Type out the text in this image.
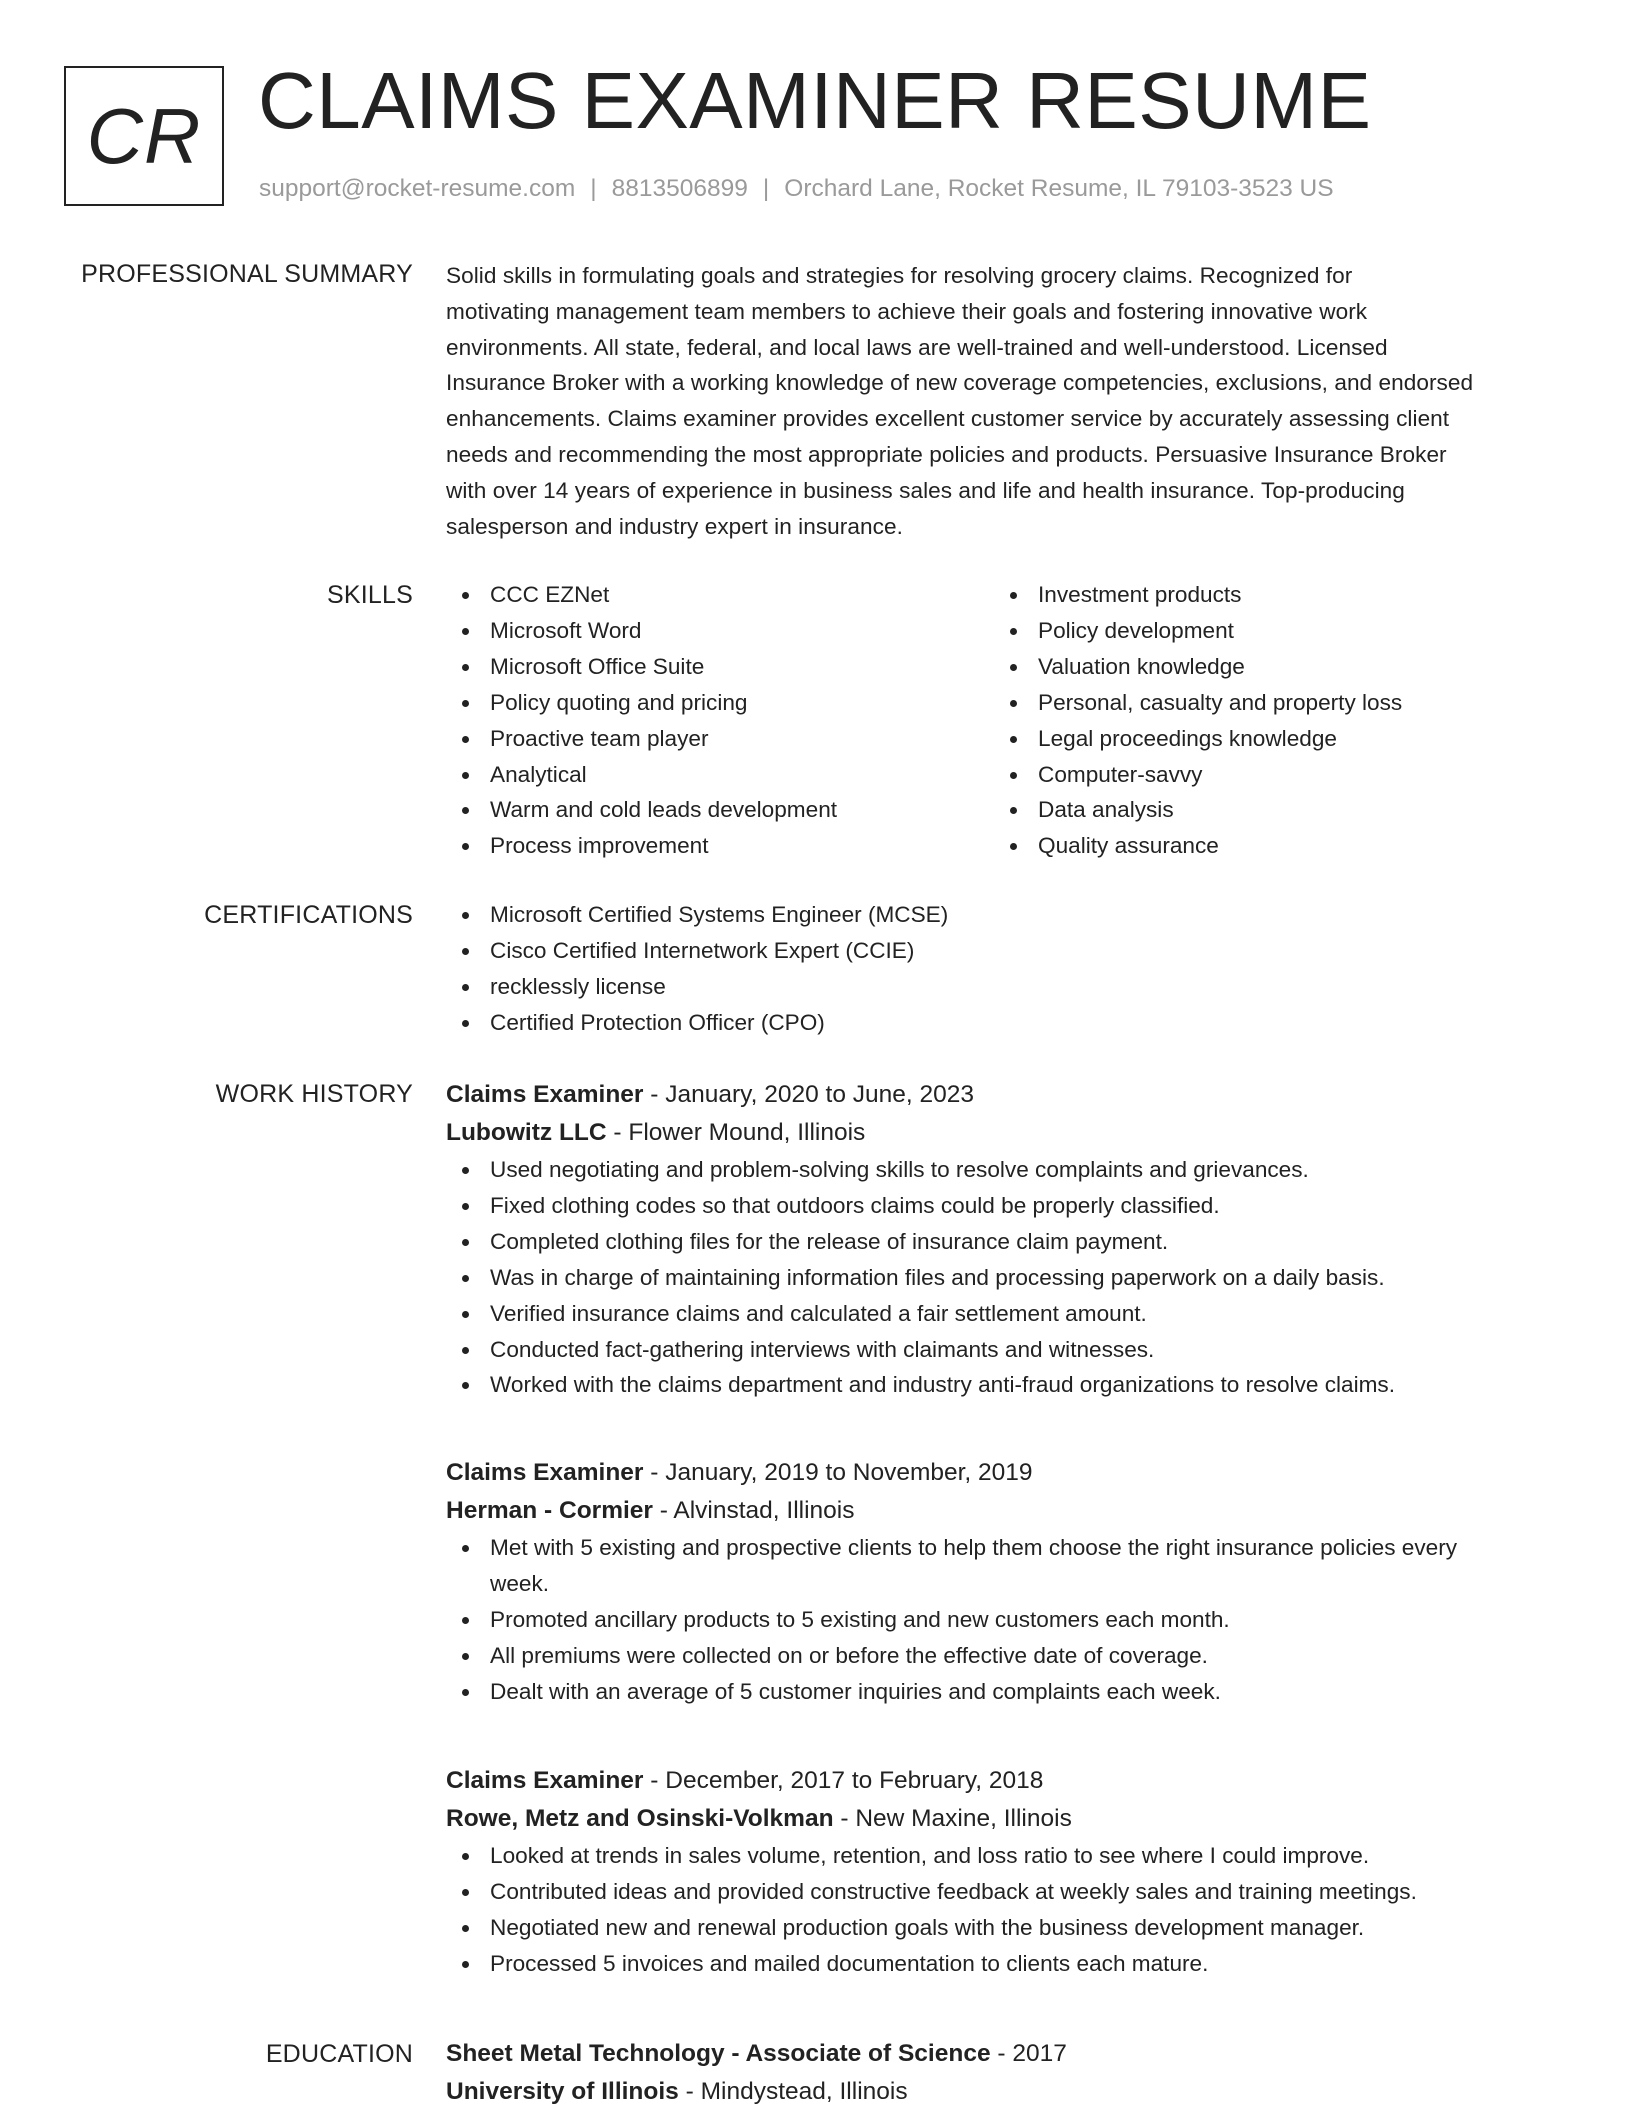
CR CLAIMS EXAMINER RESUME
support@rocket-resume.com | 8813506899 | Orchard Lane, Rocket Resume, IL 79103-3523 US
PROFESSIONAL SUMMARY Solid skills in formulating goals and strategies for resolving grocery claims. Recognized for
motivating management team members to achieve their goals and fostering innovative work
environments. All state, federal, and local laws are well-trained and well-understood. Licensed
Insurance Broker with a working knowledge of new coverage competencies, exclusions, and endorsed
enhancements. Claims examiner provides excellent customer service by accurately assessing client
needs and recommending the most appropriate policies and products. Persuasive Insurance Broker
with over 14 years of experience in business sales and life and health insurance. Top-producing
salesperson and industry expert in insurance.

SKILLS	CCC EZNet
Microsoft Word
Microsoft Office Suite
Policy quoting and pricing
Proactive team player
Analytical
Warm and cold leads development
Process improvement
Investment products
Policy development
Valuation knowledge
Personal, casualty and property loss
Legal proceedings knowledge
Computer-savvy
Data analysis
Quality assurance
CERTIFICATIONS	Microsoft Certified Systems Engineer (MCSE)
Cisco Certified Internetwork Expert (CCIE)
recklessly license
Certified Protection Officer (CPO)
WORK HISTORY Claims Examiner - January, 2020 to June, 2023
Lubowitz LLC - Flower Mound, Illinois
Used negotiating and problem-solving skills to resolve complaints and grievances.
Fixed clothing codes so that outdoors claims could be properly classified.
Completed clothing files for the release of insurance claim payment.
Was in charge of maintaining information files and processing paperwork on a daily basis.
Verified insurance claims and calculated a fair settlement amount.
Conducted fact-gathering interviews with claimants and witnesses.
Worked with the claims department and industry anti-fraud organizations to resolve claims.
Claims Examiner - January, 2019 to November, 2019
Herman - Cormier - Alvinstad, Illinois
Met with 5 existing and prospective clients to help them choose the right insurance policies every
week.
Promoted ancillary products to 5 existing and new customers each month.
All premiums were collected on or before the effective date of coverage.
Dealt with an average of 5 customer inquiries and complaints each week.
Claims Examiner - December, 2017 to February, 2018
Rowe, Metz and Osinski-Volkman - New Maxine, Illinois
Looked at trends in sales volume, retention, and loss ratio to see where I could improve.
Contributed ideas and provided constructive feedback at weekly sales and training meetings.
Negotiated new and renewal production goals with the business development manager.
Processed 5 invoices and mailed documentation to clients each mature.
EDUCATION Sheet Metal Technology - Associate of Science - 2017
University of Illinois - Mindystead, Illinois
